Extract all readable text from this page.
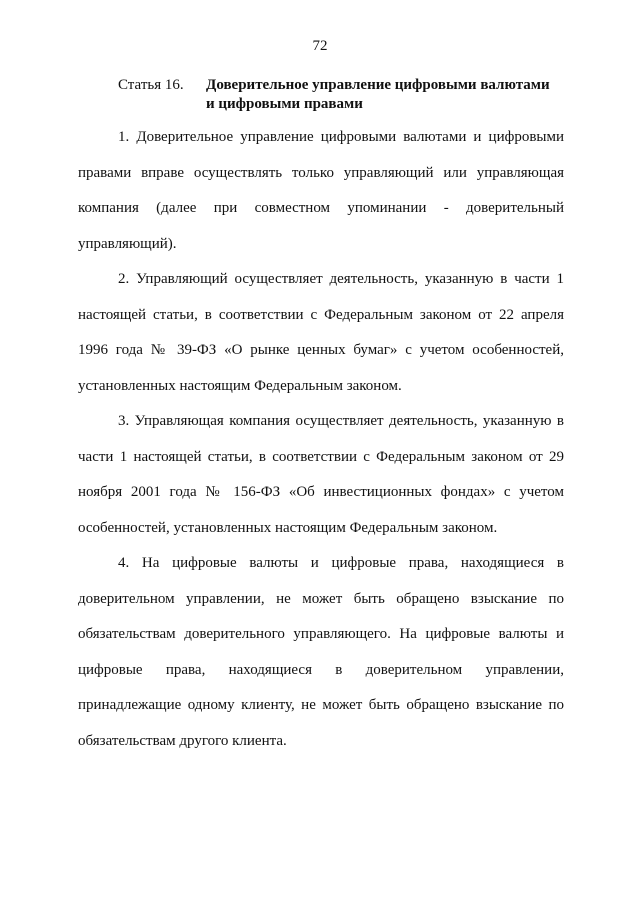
72
Статья 16.	Доверительное управление цифровыми валютами
и цифровыми правами

1. Доверительное управление цифровыми валютами и цифровыми правами вправе осуществлять только управляющий или управляющая компания (далее при совместном упоминании - доверительный управляющий).

2. Управляющий осуществляет деятельность, указанную в части 1 настоящей статьи, в соответствии с Федеральным законом от 22 апреля 1996 года № 39-ФЗ «О рынке ценных бумаг» с учетом особенностей, установленных настоящим Федеральным законом.

3. Управляющая компания осуществляет деятельность, указанную в части 1 настоящей статьи, в соответствии с Федеральным законом от 29 ноября 2001 года № 156-ФЗ «Об инвестиционных фондах» с учетом особенностей, установленных настоящим Федеральным законом.

4. На цифровые валюты и цифровые права, находящиеся в доверительном управлении, не может быть обращено взыскание по обязательствам доверительного управляющего. На цифровые валюты и цифровые права, находящиеся в доверительном управлении, принадлежащие одному клиенту, не может быть обращено взыскание по обязательствам другого клиента.
